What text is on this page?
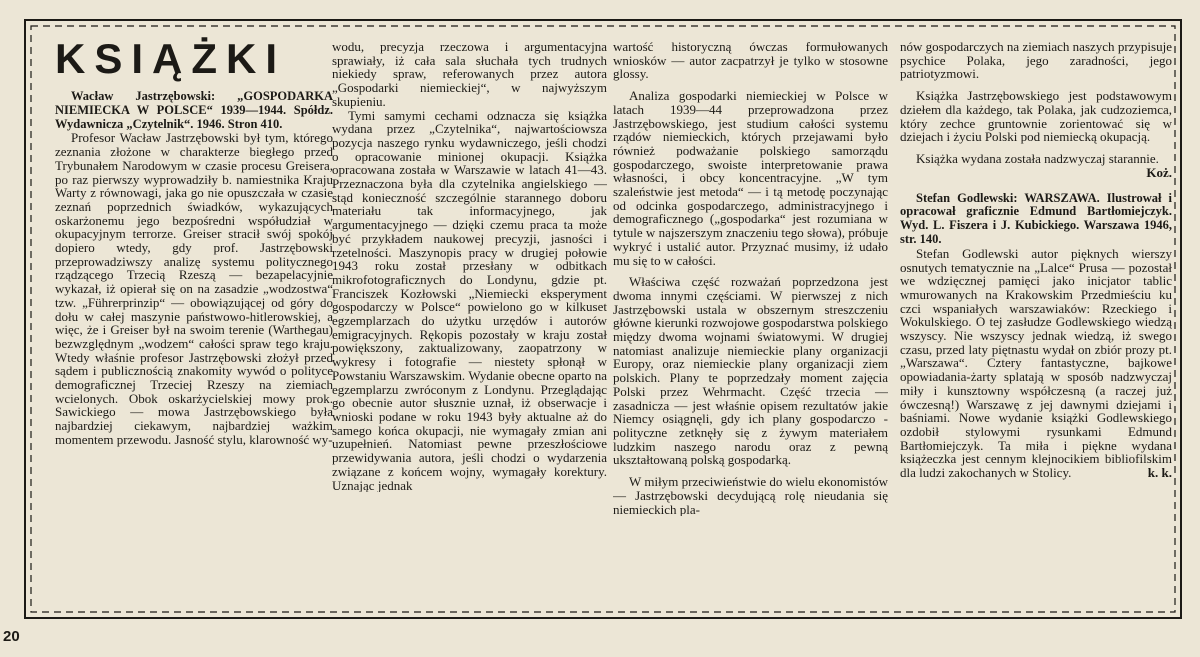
KSIĄŻKI

Wacław Jastrzębowski: „GOSPODARKA NIEMIECKA W POLSCE“ 1939—1944. Spółdz. Wydawnicza „Czytelnik“. 1946. Stron 410.

Profesor Wacław Jastrzębowski był tym, którego zeznania złożone w charakterze biegłego przed Trybunałem Narodowym w czasie procesu Greisera, po raz pierwszy wyprowadziły b. namiestnika Kraju Warty z równowagi, jaka go nie opuszczała w czasie zeznań poprzednich świadków, wykazujących oskarżonemu jego bezpośredni współudział w okupacyjnym terrorze. Greiser stracił swój spokój dopiero wtedy, gdy prof. Jastrzębowski przeprowadziwszy analizę systemu politycznego rządzącego Trzecią Rzeszą — bezapelacyjnie wykazał, iż opierał się on na zasadzie „wodzostwa“ tzw. „Führerprinzip“ — obowiązującej od góry do dołu w całej maszynie państwowo-hitlerowskiej, a więc, że i Greiser był na swoim terenie (Warthegau) bezwzględnym „wodzem“ całości spraw tego kraju. Wtedy właśnie profesor Jastrzębowski złożył przed sądem i publicznością znakomity wywód o polityce demograficznej Trzeciej Rzeszy na ziemiach wcielonych. Obok oskarżycielskiej mowy prok. Sawickiego — mowa Jastrzębowskiego była najbardziej ciekawym, najbardziej ważkim momentem przewodu. Jasność stylu, klarowność wy-

wodu, precyzja rzeczowa i argumentacyjna sprawiały, iż cała sala słuchała tych trudnych niekiedy spraw, referowanych przez autora „Gospodarki niemieckiej“, w najwyższym skupieniu.

Tymi samymi cechami odznacza się książka wydana przez „Czytelnika“, najwartościowsza pozycja naszego rynku wydawniczego, jeśli chodzi o opracowanie minionej okupacji. Książka opracowana została w Warszawie w latach 41—43. Przeznaczona była dla czytelnika angielskiego — stąd konieczność szczególnie starannego doboru materiału tak informacyjnego, jak argumentacyjnego — dzięki czemu praca ta może być przykładem naukowej precyzji, jasności i rzetelności. Maszynopis pracy w drugiej połowie 1943 roku został przesłany w odbitkach mikrofotograficznych do Londynu, gdzie pt. Franciszek Kozłowski „Niemiecki eksperyment gospodarczy w Polsce“ powielono go w kilkuset egzemplarzach do użytku urzędów i autorów emigracyjnych. Rękopis pozostały w kraju został powiększony, zaktualizowany, zaopatrzony w wykresy i fotografie — niestety spłonął w Powstaniu Warszawskim. Wydanie obecne oparto na egzemplarzu zwróconym z Londynu. Przeglądając go obecnie autor słusznie uznał, iż obserwacje i wnioski podane w roku 1943 były aktualne aż do samego końca okupacji, nie wymagały zmian ani uzupełnień. Natomiast pewne przeszłościowe przewidywania autora, jeśli chodzi o wydarzenia związane z końcem wojny, wymagały korektury. Uznając jednak

wartość historyczną ówczas formułowanych wniosków — autor zacpatrzył je tylko w stosowne glossy.

Analiza gospodarki niemieckiej w Polsce w latach 1939—44 przeprowadzona przez Jastrzębowskiego, jest studium całości systemu rządów niemieckich, których przejawami było również podważanie polskiego samorządu gospodarczego, swoiste interpretowanie prawa własności, i obcy koncentracyjne. „W tym szaleństwie jest metoda“ — i tą metodę poczynając od odcinka gospodarczego, administracyjnego i demograficznego („gospodarka“ jest rozumiana w tytule w najszerszym znaczeniu tego słowa), próbuje wykryć i ustalić autor. Przyznać musimy, iż udało mu się to w całości.

Właściwa część rozważań poprzedzona jest dwoma innymi częściami. W pierwszej z nich Jastrzębowski ustala w obszernym streszczeniu główne kierunki rozwojowe gospodarstwa polskiego między dwoma wojnami światowymi. W drugiej natomiast analizuje niemieckie plany organizacji Europy, oraz niemieckie plany organizacji ziem polskich. Plany te poprzedzały moment zajęcia Polski przez Wehrmacht. Część trzecia — zasadnicza — jest właśnie opisem rezultatów jakie Niemcy osiągnęli, gdy ich plany gospodarczo - polityczne zetknęły się z żywym materiałem ludzkim naszego narodu oraz z pewną ukształtowaną polską gospodarką.

W miłym przeciwieństwie do wielu ekonomistów — Jastrzębowski decydującą rolę nieudania się niemieckich pla-

nów gospodarczych na ziemiach naszych przypisuje psychice Polaka, jego zaradności, jego patriotyzmowi.

Książka Jastrzębowskiego jest podstawowym dziełem dla każdego, tak Polaka, jak cudzoziemca, który zechce gruntownie zorientować się w dziejach i życiu Polski pod niemiecką okupacją.

Książka wydana została nadzwyczaj starannie.
Koż.

Stefan Godlewski: WARSZAWA. Ilustrował i opracował graficznie Edmund Bartłomiejczyk. Wyd. L. Fiszera i J. Kubickiego. Warszawa 1946, str. 140.

Stefan Godlewski autor pięknych wierszy osnutych tematycznie na „Lalce“ Prusa — pozostał we wdzięcznej pamięci jako inicjator tablic wmurowanych na Krakowskim Przedmieściu ku czci wspaniałych warszawiaków: Rzeckiego i Wokulskiego. O tej zasłudze Godlewskiego wiedzą wszyscy. Nie wszyscy jednak wiedzą, iż swego czasu, przed laty piętnastu wydał on zbiór prozy pt. „Warszawa“. Cztery fantastyczne, bajkowe opowiadania-żarty splatają w sposób nadzwyczaj miły i kunsztowny współczesną (a raczej już ówczesną!) Warszawę z jej dawnymi dziejami i baśniami. Nowe wydanie książki Godlewskiego ozdobił stylowymi rysunkami Edmund Bartłomiejczyk. Ta miła i piękne wydana książeczka jest cennym klejnocikiem bibliofilskim dla ludzi zakochanych w Stolicy.	k. k.

20
